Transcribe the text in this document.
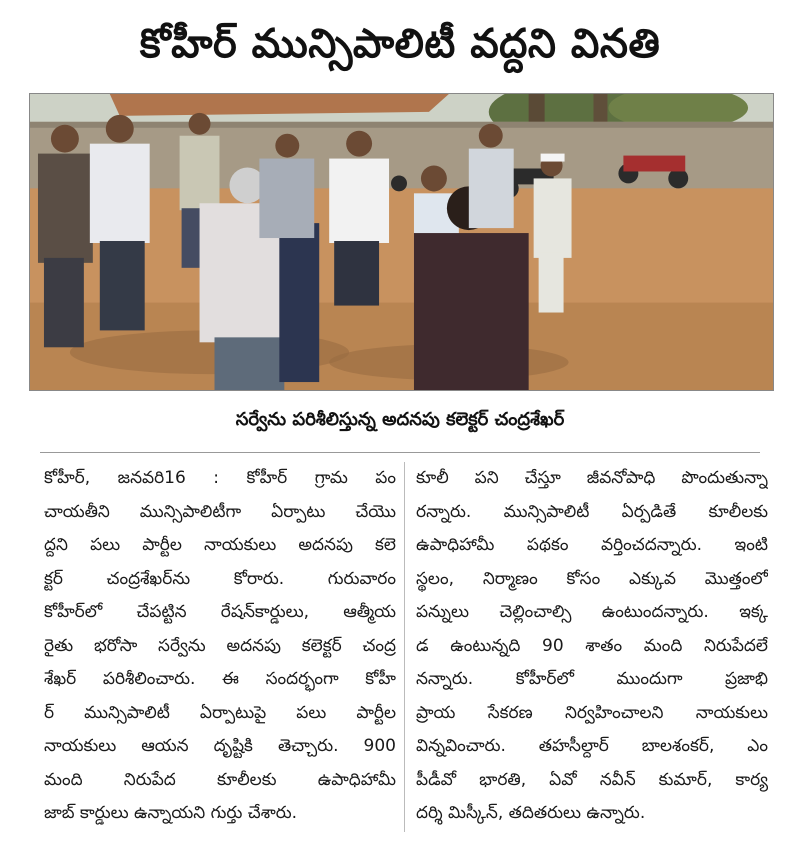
కోహీర్ మున్సిపాలిటీ వద్దని వినతి
సర్వేను పరిశీలిస్తున్న అదనపు కలెక్టర్ చంద్రశేఖర్
కోహీర్, జనవరి16 : కోహీర్ గ్రామ పం
చాయతీని మున్సిపాలిటీగా ఏర్పాటు చేయొ
ద్దని పలు పార్టీల నాయకులు అదనపు కలె
క్టర్ చంద్రశేఖర్‌ను కోరారు. గురువారం
కోహీర్‌లో చేపట్టిన రేషన్‌కార్డులు, ఆత్మీయ
రైతు భరోసా సర్వేను అదనపు కలెక్టర్ చంద్ర
శేఖర్ పరిశీలించారు. ఈ సందర్భంగా కోహీ
ర్ మున్సిపాలిటీ ఏర్పాటుపై పలు పార్టీల
నాయకులు ఆయన దృష్టికి తెచ్చారు. 900
మంది నిరుపేద కూలీలకు ఉపాధిహామీ
జాబ్ కార్డులు ఉన్నాయని గుర్తు చేశారు.
కూలీ పని చేస్తూ జీవనోపాధి పొందుతున్నా
రన్నారు. మున్సిపాలిటీ ఏర్పడితే కూలీలకు
ఉపాధిహామీ పథకం వర్తించదన్నారు. ఇంటి
స్థలం, నిర్మాణం కోసం ఎక్కువ మొత్తంలో
పన్నులు చెల్లించాల్సి ఉంటుందన్నారు. ఇక్క
డ ఉంటున్నది 90 శాతం మంది నిరుపేదలే
నన్నారు. కోహీర్‌లో ముందుగా ప్రజాభి
ప్రాయ సేకరణ నిర్వహించాలని నాయకులు
విన్నవించారు. తహసీల్దార్ బాలశంకర్, ఎం
పీడీవో భారతి, ఏవో నవీన్ కుమార్, కార్య
దర్శి మిస్కీన్, తదితరులు ఉన్నారు.
